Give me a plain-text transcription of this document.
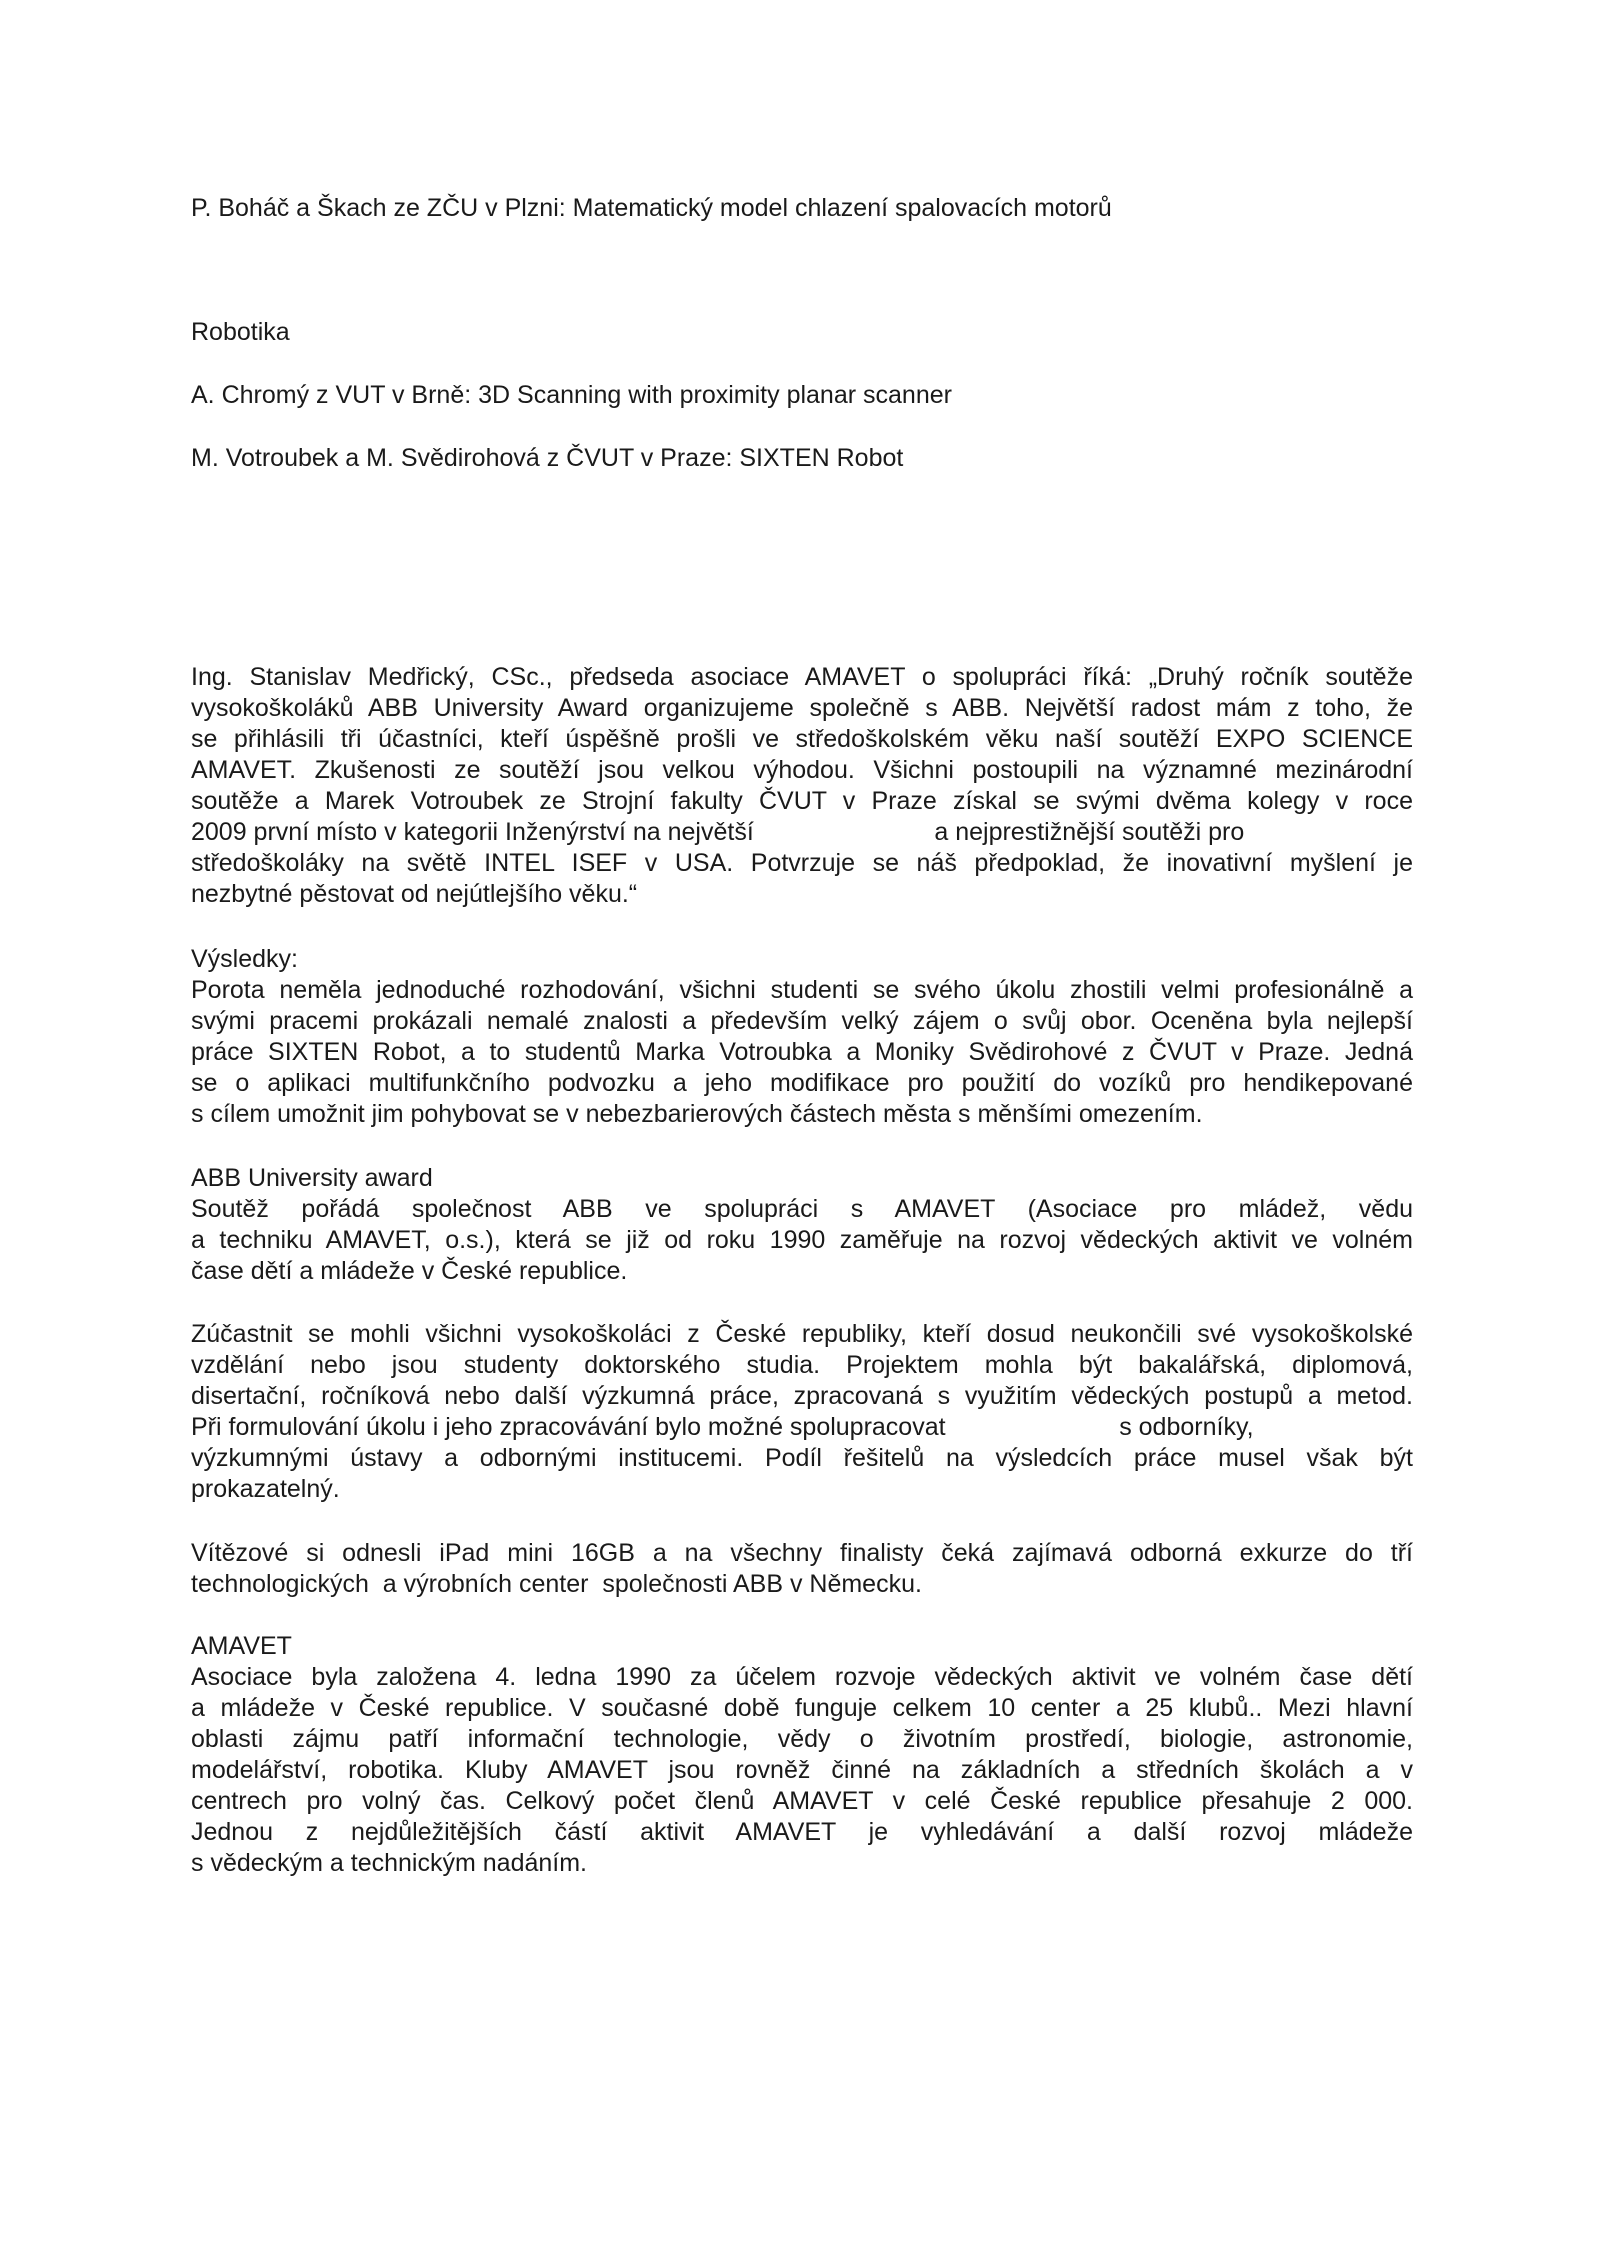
P. Boháč a Škach ze ZČU v Plzni: Matematický model chlazení spalovacích motorů

Robotika

A. Chromý z VUT v Brně: 3D Scanning with proximity planar scanner

M. Votroubek a M. Svědirohová z ČVUT v Praze: SIXTEN Robot

Ing. Stanislav Medřický, CSc., předseda asociace AMAVET o spolupráci říká: „Druhý ročník soutěže
vysokoškoláků ABB University Award organizujeme společně s ABB. Největší radost mám z toho, že
se přihlásili tři účastníci, kteří úspěšně prošli ve středoškolském věku naší soutěží EXPO SCIENCE
AMAVET. Zkušenosti ze soutěží jsou velkou výhodou. Všichni postoupili na významné mezinárodní
soutěže a Marek Votroubek ze Strojní fakulty ČVUT v Praze získal se svými dvěma kolegy v roce
2009 první místo v kategorii Inženýrství na největší                          a nejprestižnější soutěži pro
středoškoláky na světě INTEL ISEF v USA. Potvrzuje se náš předpoklad, že inovativní myšlení je
nezbytné pěstovat od nejútlejšího věku.“

Výsledky:

Porota neměla jednoduché rozhodování, všichni studenti se svého úkolu zhostili velmi profesionálně a
svými pracemi prokázali nemalé znalosti a především velký zájem o svůj obor. Oceněna byla nejlepší
práce SIXTEN Robot, a to studentů Marka Votroubka a Moniky Svědirohové z ČVUT v Praze. Jedná
se o aplikaci multifunkčního podvozku a jeho modifikace pro použití do vozíků pro hendikepované
s cílem umožnit jim pohybovat se v nebezbarierových částech města s měnšími omezením.

ABB University award

Soutěž pořádá společnost ABB ve spolupráci s AMAVET (Asociace pro mládež, vědu
a techniku AMAVET, o.s.), která se již od roku 1990 zaměřuje na rozvoj vědeckých aktivit ve volném
čase dětí a mládeže v České republice.
Zúčastnit se mohli všichni vysokoškoláci z České republiky, kteří dosud neukončili své vysokoškolské
vzdělání nebo jsou studenty doktorského studia. Projektem mohla být bakalářská, diplomová,
disertační, ročníková nebo další výzkumná práce, zpracovaná s využitím vědeckých postupů a metod.
Při formulování úkolu i jeho zpracovávání bylo možné spolupracovat                         s odborníky,
výzkumnými ústavy a odbornými institucemi. Podíl řešitelů na výsledcích práce musel však být
prokazatelný.
Vítězové si odnesli iPad mini 16GB a na všechny finalisty čeká zajímavá odborná exkurze do tří
technologických  a výrobních center  společnosti ABB v Německu.

AMAVET

Asociace byla založena 4. ledna 1990 za účelem rozvoje vědeckých aktivit ve volném čase dětí
a mládeže v České republice. V současné době funguje celkem 10 center a 25 klubů.. Mezi hlavní
oblasti zájmu patří informační technologie, vědy o životním prostředí, biologie, astronomie,
modelářství, robotika. Kluby AMAVET jsou rovněž činné na základních a středních školách a v
centrech pro volný čas. Celkový počet členů AMAVET v celé České republice přesahuje 2 000.
Jednou z nejdůležitějších částí aktivit AMAVET je vyhledávání a další rozvoj mládeže
s vědeckým a technickým nadáním.
